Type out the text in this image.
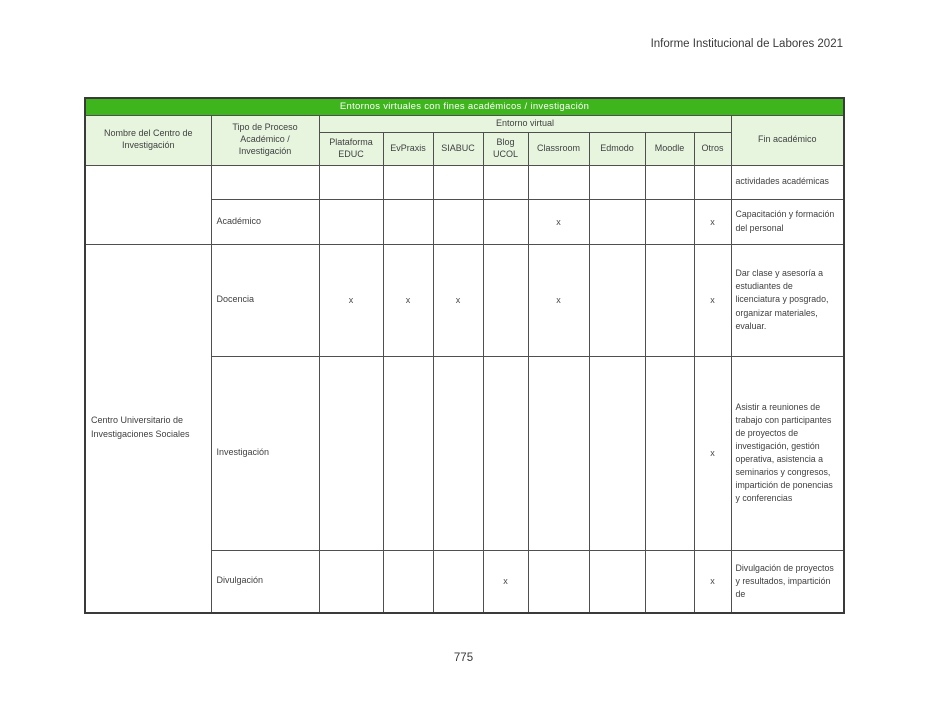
Informe Institucional de Labores 2021
Entornos virtuales con fines académicos / investigación										
Nombre del Centro de Investigación	Tipo de Proceso Académico / Investigación	Entorno virtual								Fin académico
		Plataforma EDUC	EvPraxis	SIABUC	Blog UCOL	Classroom	Edmodo	Moodle	Otros	
										actividades académicas
	Académico					x			x	Capacitación y formación del personal
Centro Universitario de Investigaciones Sociales	Docencia	x	x	x		x			x	Dar clase y asesoría a estudiantes de licenciatura y posgrado, organizar materiales, evaluar.
	Investigación								x	Asistir a reuniones de trabajo con participantes de proyectos de investigación, gestión operativa, asistencia a seminarios y congresos, impartición de ponencias y conferencias
	Divulgación				x				x	Divulgación de proyectos y resultados, impartición de
775
